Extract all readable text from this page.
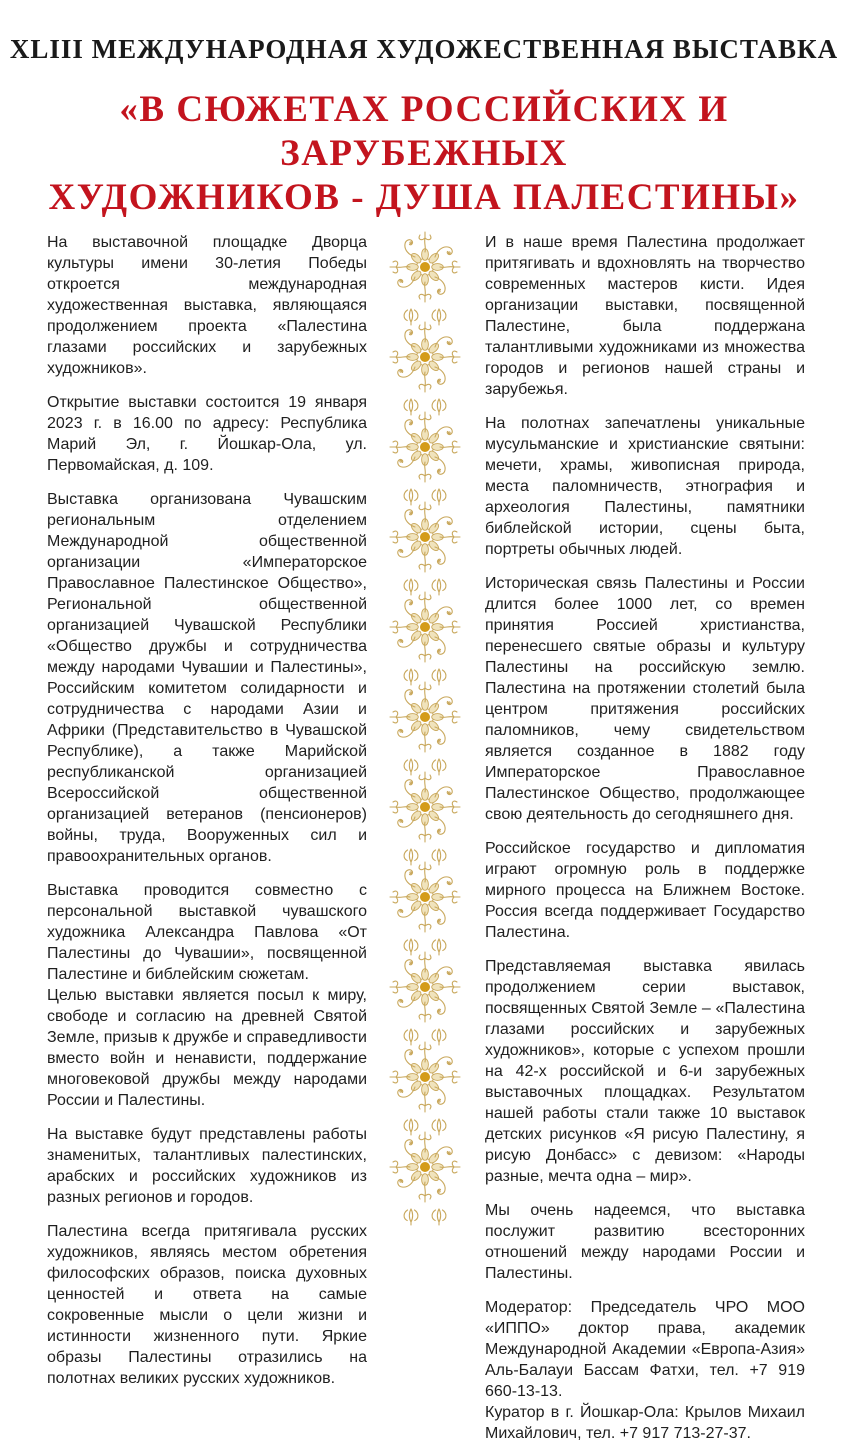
XLIII МЕЖДУНАРОДНАЯ ХУДОЖЕСТВЕННАЯ ВЫСТАВКА
«В СЮЖЕТАХ РОССИЙСКИХ И ЗАРУБЕЖНЫХ
ХУДОЖНИКОВ - ДУША ПАЛЕСТИНЫ»

На выставочной площадке Дворца культуры имени 30-летия Победы откроется международная художественная выставка, являющаяся продолжением проекта «Палестина глазами российских и зарубежных художников».

Открытие выставки состоится 19 января 2023 г. в 16.00 по адресу: Республика Марий Эл, г. Йошкар-Ола, ул. Первомайская, д. 109.

Выставка организована Чувашским региональным отделением Международной общественной организации «Императорское Православное Палестинское Общество», Региональной общественной организацией Чувашской Республики «Общество дружбы и сотрудничества между народами Чувашии и Палестины», Российским комитетом солидарности и сотрудничества с народами Азии и Африки (Представительство в Чувашской Республике), а также Марийской республиканской организацией Всероссийской общественной организацией ветеранов (пенсионеров) войны, труда, Вооруженных сил и правоохранительных органов.

Выставка проводится совместно с персональной выставкой чувашского художника Александра Павлова «От Палестины до Чувашии», посвященной Палестине и библейским сюжетам.

Целью выставки является посыл к миру, свободе и согласию на древней Святой Земле, призыв к дружбе и справедливости вместо войн и ненависти, поддержание многовековой дружбы между народами России и Палестины.

На выставке будут представлены работы знаменитых, талантливых палестинских, арабских и российских художников из разных регионов и городов.

Палестина всегда притягивала русских художников, являясь местом обретения философских образов, поиска духовных ценностей и ответа на самые сокровенные мысли о цели жизни и истинности жизненного пути. Яркие образы Палестины отразились на полотнах великих русских художников.

И в наше время Палестина продолжает притягивать и вдохновлять на творчество современных мастеров кисти. Идея организации выставки, посвященной Палестине, была поддержана талантливыми художниками из множества городов и регионов нашей страны и зарубежья.

На полотнах запечатлены уникальные мусульманские и христианские святыни: мечети, храмы, живописная природа, места паломничеств, этнография и археология Палестины, памятники библейской истории, сцены быта, портреты обычных людей.

Историческая связь Палестины и России длится более 1000 лет, со времен принятия Россией христианства, перенесшего святые образы и культуру Палестины на российскую землю. Палестина на протяжении столетий была центром притяжения российских паломников, чему свидетельством является созданное в 1882 году Императорское Православное Палестинское Общество, продолжающее свою деятельность до сегодняшнего дня.

Российское государство и дипломатия играют огромную роль в поддержке мирного процесса на Ближнем Востоке. Россия всегда поддерживает Государство Палестина.

Представляемая выставка явилась продолжением серии выставок, посвященных Святой Земле – «Палестина глазами российских и зарубежных художников», которые с успехом прошли на 42-х российской и 6-и зарубежных выставочных площадках. Результатом нашей работы стали также 10 выставок детских рисунков «Я рисую Палестину, я рисую Донбасс» с девизом: «Народы разные, мечта одна – мир».

Мы очень надеемся, что выставка послужит развитию всесторонних отношений между народами России и Палестины.

Модератор: Председатель ЧРО МОО «ИППО» доктор права, академик Международной Академии «Европа-Азия» Аль-Балауи Бассам Фатхи, тел. +7 919 660-13-13.

Куратор в г. Йошкар-Ола: Крылов Михаил Михайлович, тел. +7 917 713-27-37.
